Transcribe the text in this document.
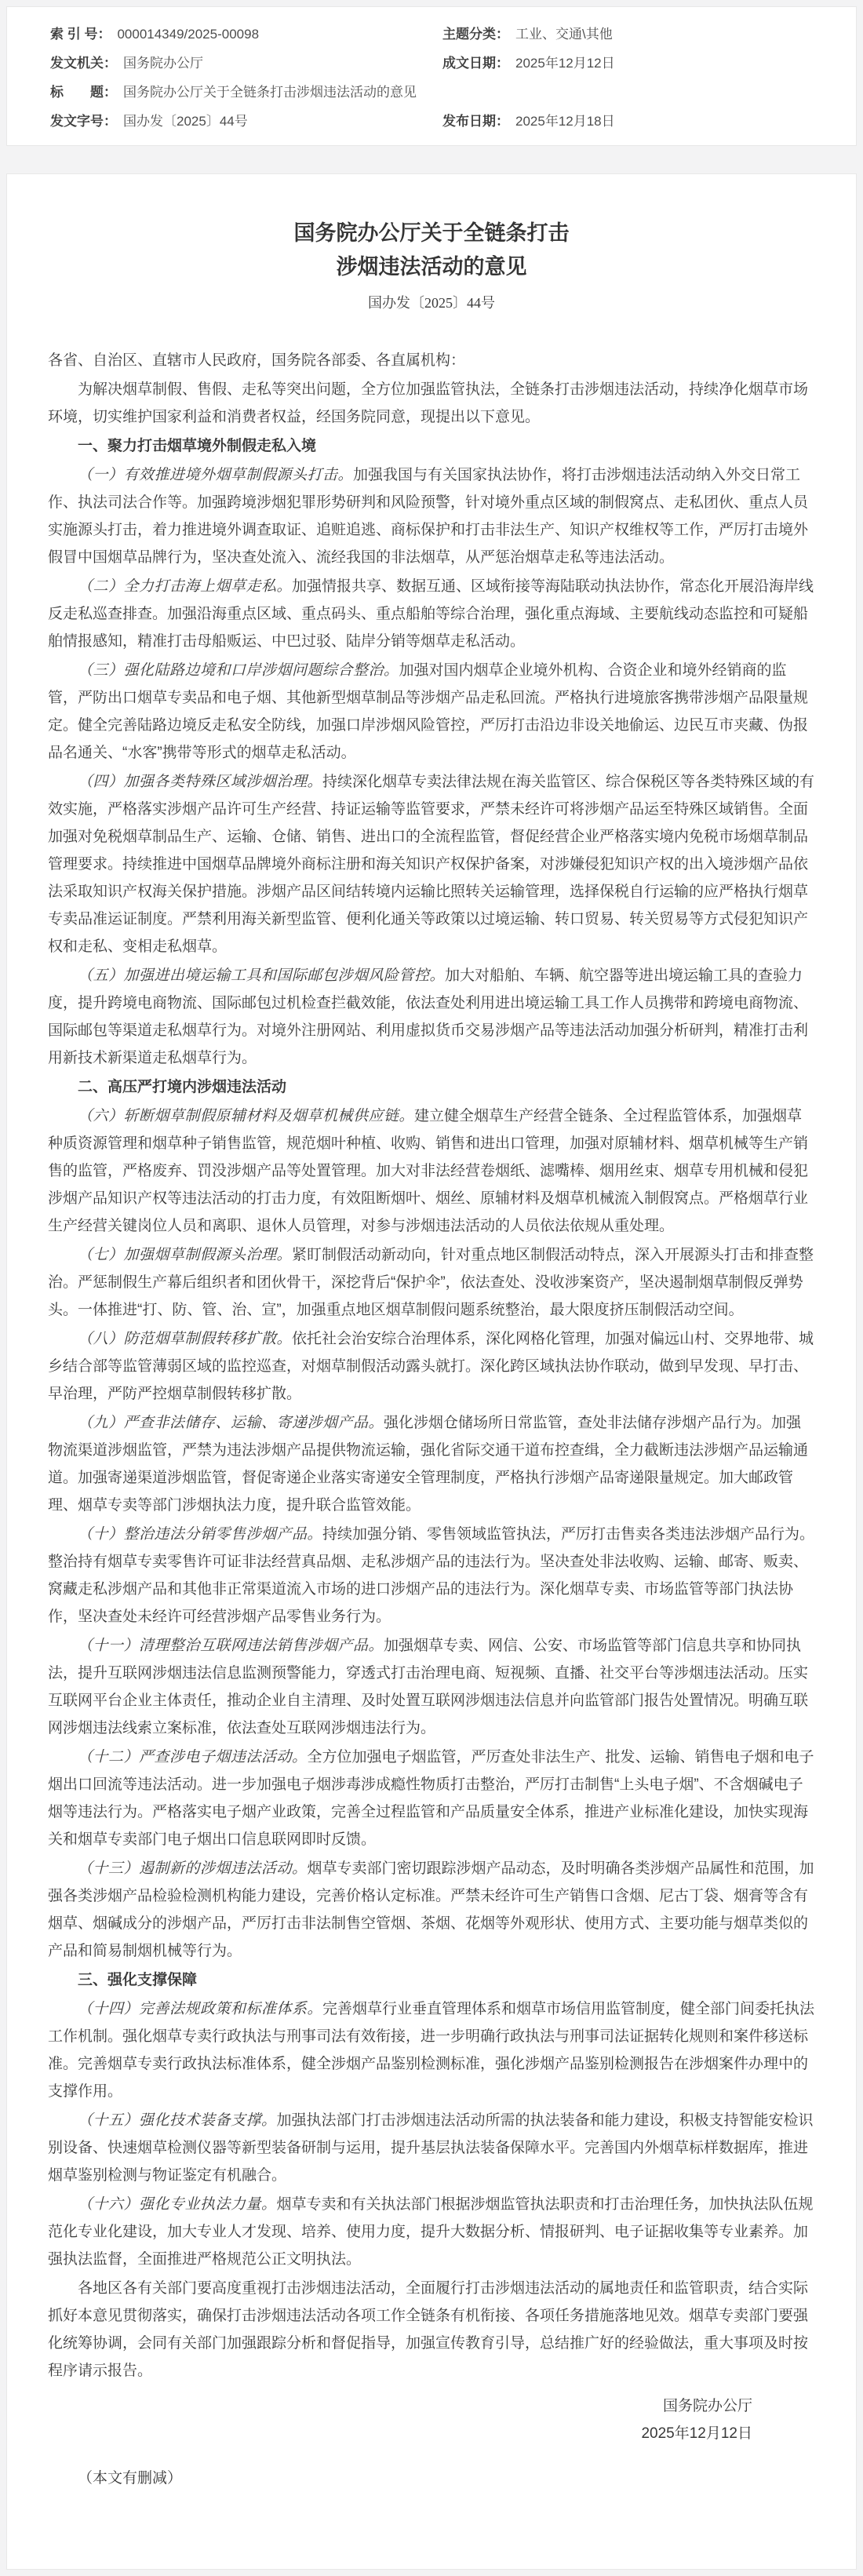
索 引 号： 000014349/2025-00098	主题分类： 工业、交通\其他
发文机关： 国务院办公厅	成文日期： 2025年12月12日
标　　题： 国务院办公厅关于全链条打击涉烟违法活动的意见
发文字号： 国办发〔2025〕44号	发布日期： 2025年12月18日
国务院办公厅关于全链条打击
涉烟违法活动的意见

国办发〔2025〕44号

各省、自治区、直辖市人民政府，国务院各部委、各直属机构：

为解决烟草制假、售假、走私等突出问题，全方位加强监管执法，全链条打击涉烟违法活动，持续净化烟草市场环境，切实维护国家利益和消费者权益，经国务院同意，现提出以下意见。

一、聚力打击烟草境外制假走私入境

（一）有效推进境外烟草制假源头打击。加强我国与有关国家执法协作，将打击涉烟违法活动纳入外交日常工作、执法司法合作等。加强跨境涉烟犯罪形势研判和风险预警，针对境外重点区域的制假窝点、走私团伙、重点人员实施源头打击，着力推进境外调查取证、追赃追逃、商标保护和打击非法生产、知识产权维权等工作，严厉打击境外假冒中国烟草品牌行为，坚决查处流入、流经我国的非法烟草，从严惩治烟草走私等违法活动。

（二）全力打击海上烟草走私。加强情报共享、数据互通、区域衔接等海陆联动执法协作，常态化开展沿海岸线反走私巡查排查。加强沿海重点区域、重点码头、重点船舶等综合治理，强化重点海域、主要航线动态监控和可疑船舶情报感知，精准打击母船贩运、中巴过驳、陆岸分销等烟草走私活动。

（三）强化陆路边境和口岸涉烟问题综合整治。加强对国内烟草企业境外机构、合资企业和境外经销商的监管，严防出口烟草专卖品和电子烟、其他新型烟草制品等涉烟产品走私回流。严格执行进境旅客携带涉烟产品限量规定。健全完善陆路边境反走私安全防线，加强口岸涉烟风险管控，严厉打击沿边非设关地偷运、边民互市夹藏、伪报品名通关、“水客”携带等形式的烟草走私活动。

（四）加强各类特殊区域涉烟治理。持续深化烟草专卖法律法规在海关监管区、综合保税区等各类特殊区域的有效实施，严格落实涉烟产品许可生产经营、持证运输等监管要求，严禁未经许可将涉烟产品运至特殊区域销售。全面加强对免税烟草制品生产、运输、仓储、销售、进出口的全流程监管，督促经营企业严格落实境内免税市场烟草制品管理要求。持续推进中国烟草品牌境外商标注册和海关知识产权保护备案，对涉嫌侵犯知识产权的出入境涉烟产品依法采取知识产权海关保护措施。涉烟产品区间结转境内运输比照转关运输管理，选择保税自行运输的应严格执行烟草专卖品准运证制度。严禁利用海关新型监管、便利化通关等政策以过境运输、转口贸易、转关贸易等方式侵犯知识产权和走私、变相走私烟草。

（五）加强进出境运输工具和国际邮包涉烟风险管控。加大对船舶、车辆、航空器等进出境运输工具的查验力度，提升跨境电商物流、国际邮包过机检查拦截效能，依法查处利用进出境运输工具工作人员携带和跨境电商物流、国际邮包等渠道走私烟草行为。对境外注册网站、利用虚拟货币交易涉烟产品等违法活动加强分析研判，精准打击利用新技术新渠道走私烟草行为。

二、高压严打境内涉烟违法活动

（六）斩断烟草制假原辅材料及烟草机械供应链。建立健全烟草生产经营全链条、全过程监管体系，加强烟草种质资源管理和烟草种子销售监管，规范烟叶种植、收购、销售和进出口管理，加强对原辅材料、烟草机械等生产销售的监管，严格废弃、罚没涉烟产品等处置管理。加大对非法经营卷烟纸、滤嘴棒、烟用丝束、烟草专用机械和侵犯涉烟产品知识产权等违法活动的打击力度，有效阻断烟叶、烟丝、原辅材料及烟草机械流入制假窝点。严格烟草行业生产经营关键岗位人员和离职、退休人员管理，对参与涉烟违法活动的人员依法依规从重处理。

（七）加强烟草制假源头治理。紧盯制假活动新动向，针对重点地区制假活动特点，深入开展源头打击和排查整治。严惩制假生产幕后组织者和团伙骨干，深挖背后“保护伞”，依法查处、没收涉案资产，坚决遏制烟草制假反弹势头。一体推进“打、防、管、治、宣”，加强重点地区烟草制假问题系统整治，最大限度挤压制假活动空间。

（八）防范烟草制假转移扩散。依托社会治安综合治理体系，深化网格化管理，加强对偏远山村、交界地带、城乡结合部等监管薄弱区域的监控巡查，对烟草制假活动露头就打。深化跨区域执法协作联动，做到早发现、早打击、早治理，严防严控烟草制假转移扩散。

（九）严查非法储存、运输、寄递涉烟产品。强化涉烟仓储场所日常监管，查处非法储存涉烟产品行为。加强物流渠道涉烟监管，严禁为违法涉烟产品提供物流运输，强化省际交通干道布控查缉，全力截断违法涉烟产品运输通道。加强寄递渠道涉烟监管，督促寄递企业落实寄递安全管理制度，严格执行涉烟产品寄递限量规定。加大邮政管理、烟草专卖等部门涉烟执法力度，提升联合监管效能。

（十）整治违法分销零售涉烟产品。持续加强分销、零售领域监管执法，严厉打击售卖各类违法涉烟产品行为。整治持有烟草专卖零售许可证非法经营真品烟、走私涉烟产品的违法行为。坚决查处非法收购、运输、邮寄、贩卖、窝藏走私涉烟产品和其他非正常渠道流入市场的进口涉烟产品的违法行为。深化烟草专卖、市场监管等部门执法协作，坚决查处未经许可经营涉烟产品零售业务行为。

（十一）清理整治互联网违法销售涉烟产品。加强烟草专卖、网信、公安、市场监管等部门信息共享和协同执法，提升互联网涉烟违法信息监测预警能力，穿透式打击治理电商、短视频、直播、社交平台等涉烟违法活动。压实互联网平台企业主体责任，推动企业自主清理、及时处置互联网涉烟违法信息并向监管部门报告处置情况。明确互联网涉烟违法线索立案标准，依法查处互联网涉烟违法行为。

（十二）严查涉电子烟违法活动。全方位加强电子烟监管，严厉查处非法生产、批发、运输、销售电子烟和电子烟出口回流等违法活动。进一步加强电子烟涉毒涉成瘾性物质打击整治，严厉打击制售“上头电子烟”、不含烟碱电子烟等违法行为。严格落实电子烟产业政策，完善全过程监管和产品质量安全体系，推进产业标准化建设，加快实现海关和烟草专卖部门电子烟出口信息联网即时反馈。

（十三）遏制新的涉烟违法活动。烟草专卖部门密切跟踪涉烟产品动态，及时明确各类涉烟产品属性和范围，加强各类涉烟产品检验检测机构能力建设，完善价格认定标准。严禁未经许可生产销售口含烟、尼古丁袋、烟膏等含有烟草、烟碱成分的涉烟产品，严厉打击非法制售空管烟、茶烟、花烟等外观形状、使用方式、主要功能与烟草类似的产品和简易制烟机械等行为。

三、强化支撑保障

（十四）完善法规政策和标准体系。完善烟草行业垂直管理体系和烟草市场信用监管制度，健全部门间委托执法工作机制。强化烟草专卖行政执法与刑事司法有效衔接，进一步明确行政执法与刑事司法证据转化规则和案件移送标准。完善烟草专卖行政执法标准体系，健全涉烟产品鉴别检测标准，强化涉烟产品鉴别检测报告在涉烟案件办理中的支撑作用。

（十五）强化技术装备支撑。加强执法部门打击涉烟违法活动所需的执法装备和能力建设，积极支持智能安检识别设备、快速烟草检测仪器等新型装备研制与运用，提升基层执法装备保障水平。完善国内外烟草标样数据库，推进烟草鉴别检测与物证鉴定有机融合。

（十六）强化专业执法力量。烟草专卖和有关执法部门根据涉烟监管执法职责和打击治理任务，加快执法队伍规范化专业化建设，加大专业人才发现、培养、使用力度，提升大数据分析、情报研判、电子证据收集等专业素养。加强执法监督，全面推进严格规范公正文明执法。

各地区各有关部门要高度重视打击涉烟违法活动，全面履行打击涉烟违法活动的属地责任和监管职责，结合实际抓好本意见贯彻落实，确保打击涉烟违法活动各项工作全链条有机衔接、各项任务措施落地见效。烟草专卖部门要强化统筹协调，会同有关部门加强跟踪分析和督促指导，加强宣传教育引导，总结推广好的经验做法，重大事项及时按程序请示报告。

国务院办公厅

2025年12月12日

（本文有删减）
